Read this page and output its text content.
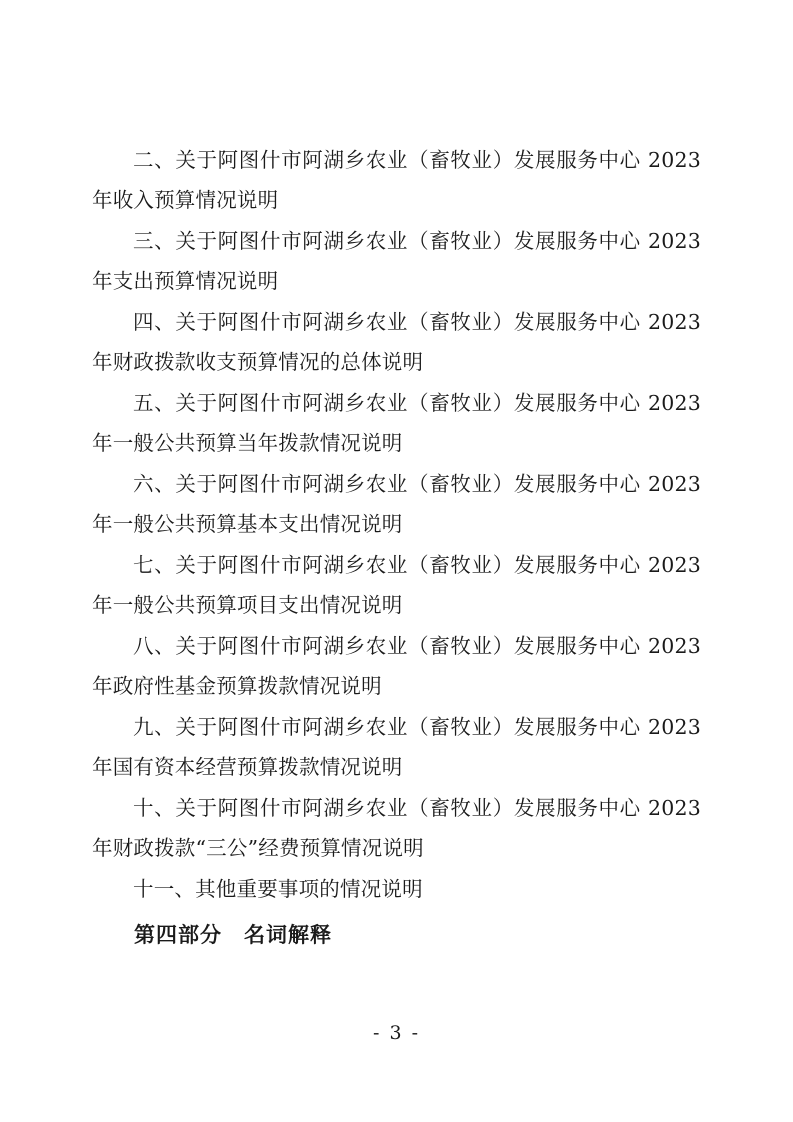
二、关于阿图什市阿湖乡农业（畜牧业）发展服务中心 2023 年收入预算情况说明

三、关于阿图什市阿湖乡农业（畜牧业）发展服务中心 2023 年支出预算情况说明

四、关于阿图什市阿湖乡农业（畜牧业）发展服务中心 2023 年财政拨款收支预算情况的总体说明

五、关于阿图什市阿湖乡农业（畜牧业）发展服务中心 2023 年一般公共预算当年拨款情况说明

六、关于阿图什市阿湖乡农业（畜牧业）发展服务中心 2023 年一般公共预算基本支出情况说明

七、关于阿图什市阿湖乡农业（畜牧业）发展服务中心 2023 年一般公共预算项目支出情况说明

八、关于阿图什市阿湖乡农业（畜牧业）发展服务中心 2023 年政府性基金预算拨款情况说明

九、关于阿图什市阿湖乡农业（畜牧业）发展服务中心 2023 年国有资本经营预算拨款情况说明

十、关于阿图什市阿湖乡农业（畜牧业）发展服务中心 2023 年财政拨款“三公”经费预算情况说明

十一、其他重要事项的情况说明

第四部分　名词解释
- 3 -
